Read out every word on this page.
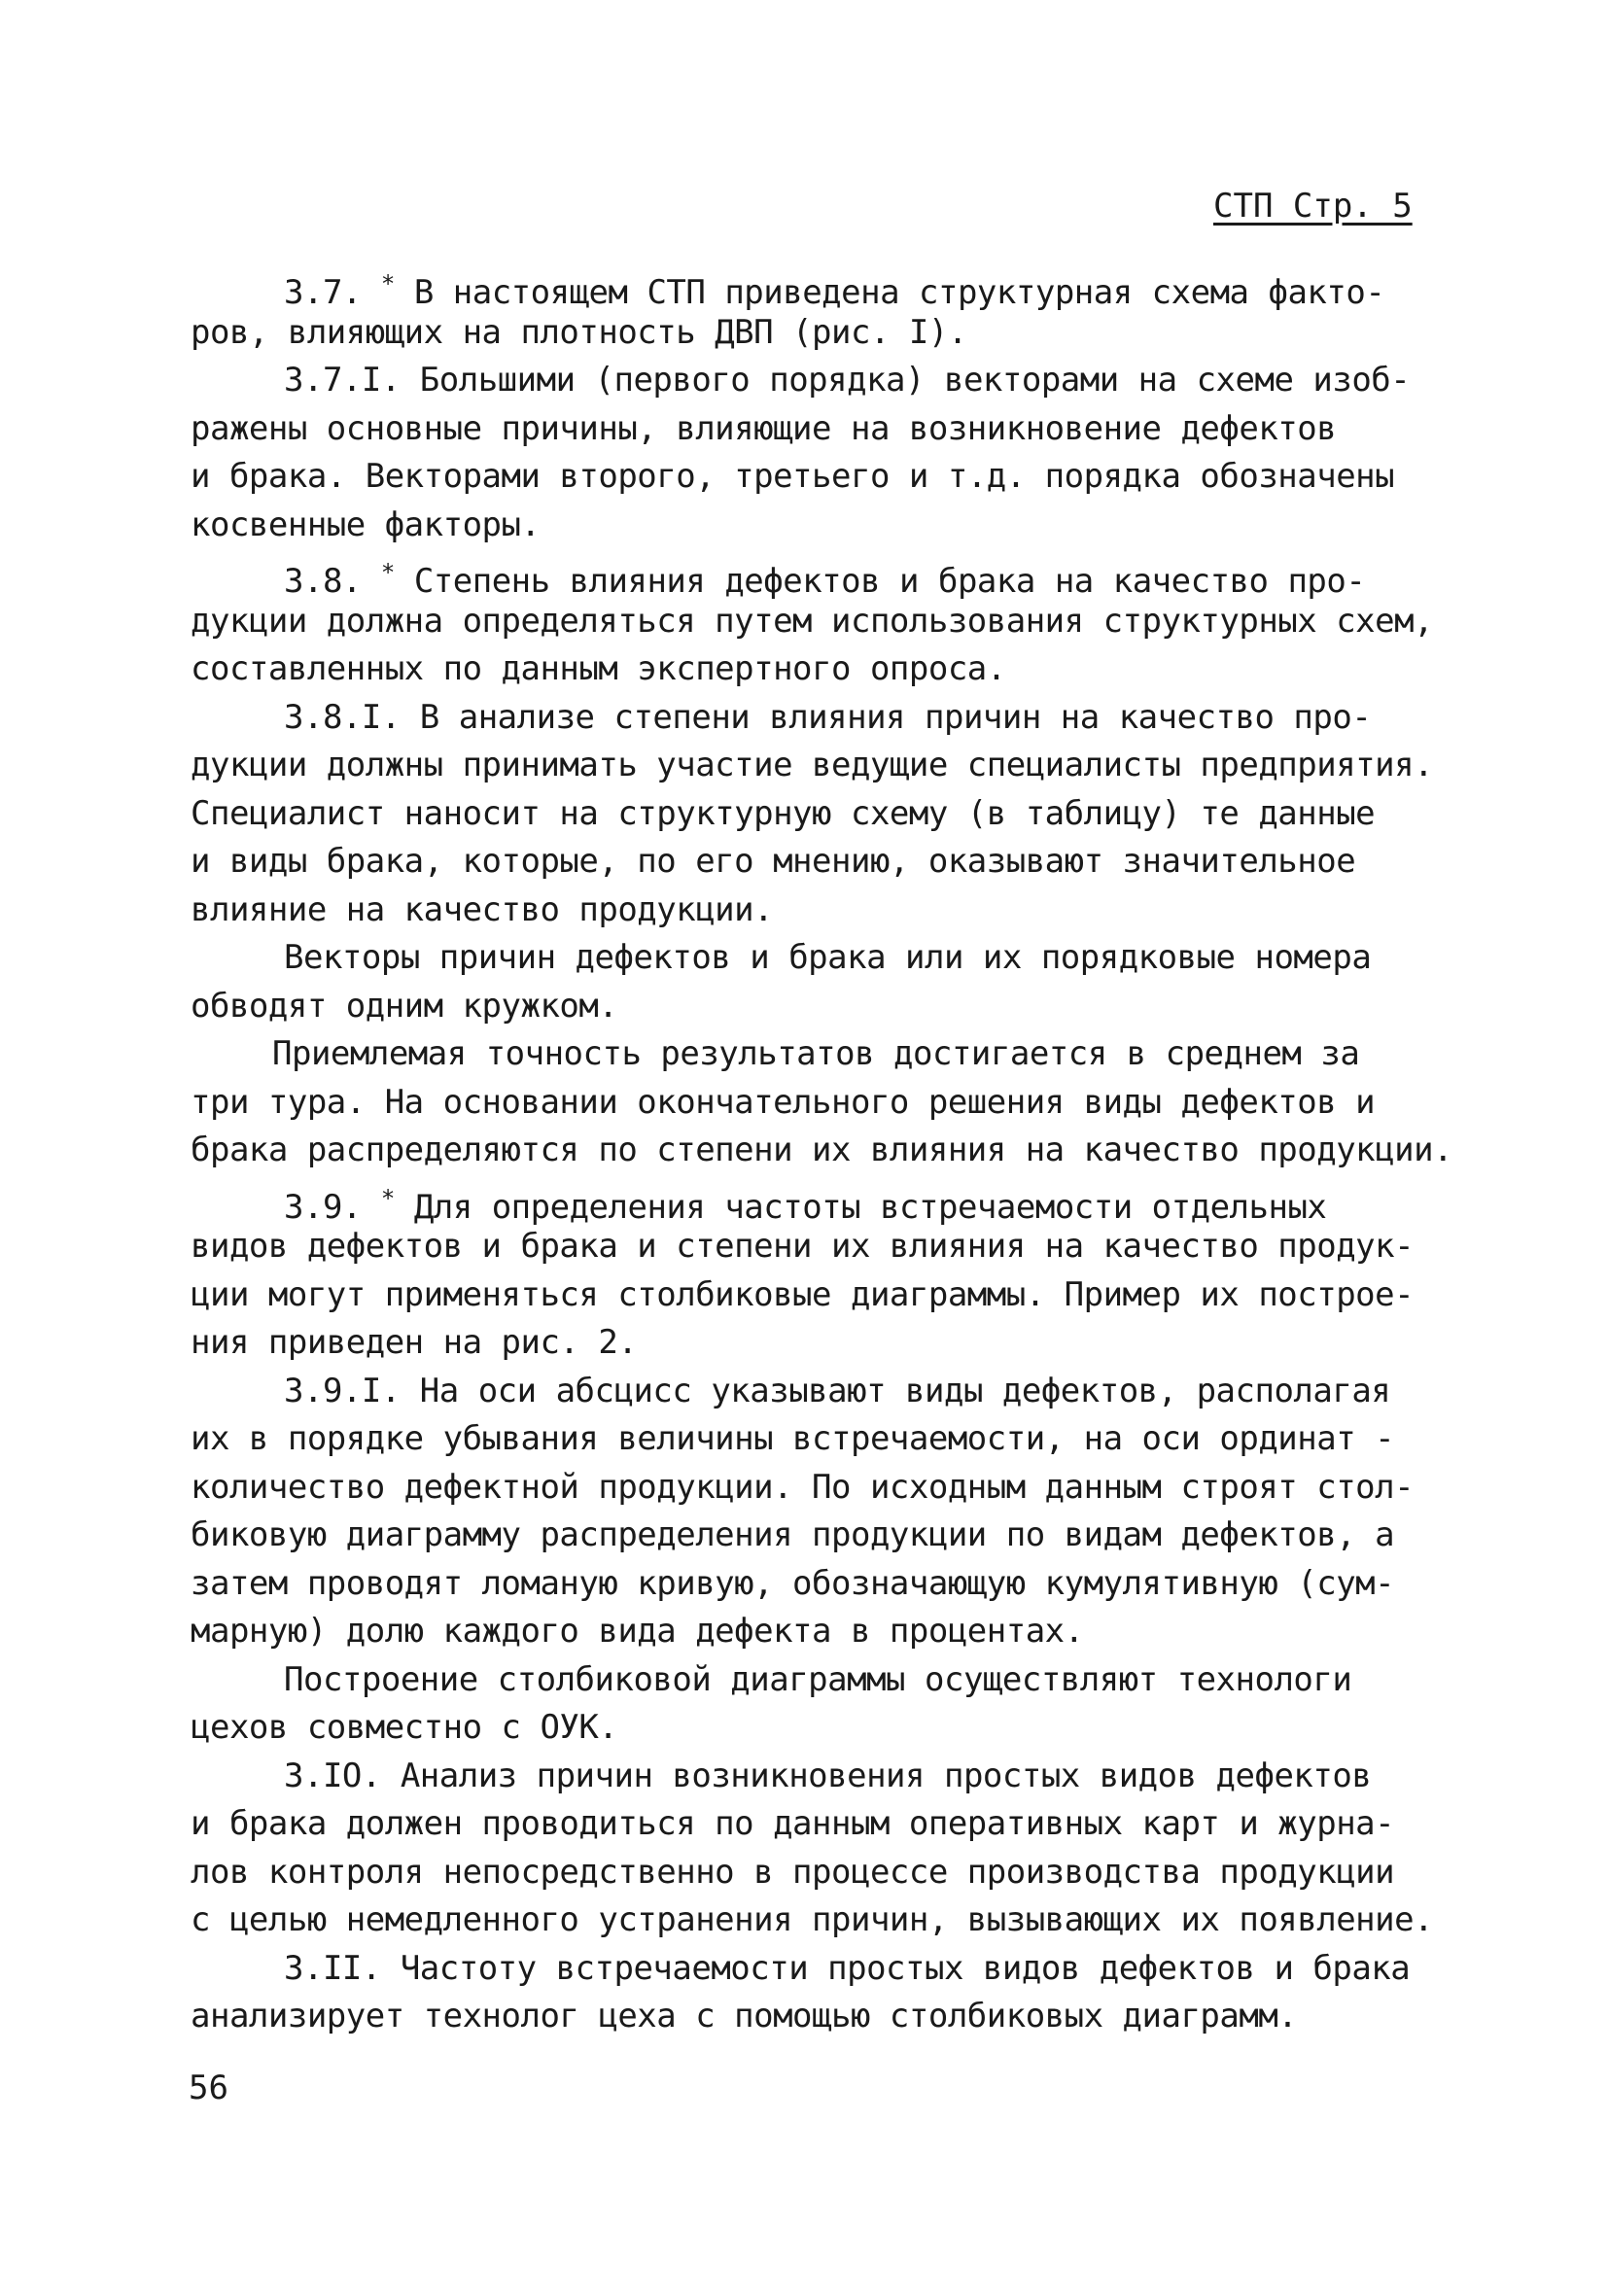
СТП Стр. 5
3.7. * В настоящем СТП приведена структурная схема факто-
ров, влияющих на плотность ДВП (рис. I).
3.7.I. Большими (первого порядка) векторами на схеме изоб-
ражены основные причины, влияющие на возникновение дефектов
и брака. Векторами второго, третьего и т.д. порядка обозначены
косвенные факторы.
3.8. * Степень влияния дефектов и брака на качество про-
дукции должна определяться путем использования структурных схем,
составленных по данным экспертного опроса.
3.8.I. В анализе степени влияния причин на качество про-
дукции должны принимать участие ведущие специалисты предприятия.
Специалист наносит на структурную схему (в таблицу) те данные
и виды брака, которые, по его мнению, оказывают значительное
влияние на качество продукции.
Векторы причин дефектов и брака или их порядковые номера
обводят одним кружком.
Приемлемая точность результатов достигается в среднем за
три тура. На основании окончательного решения виды дефектов и
брака распределяются по степени их влияния на качество продукции.
3.9. * Для определения частоты встречаемости отдельных
видов дефектов и брака и степени их влияния на качество продук-
ции могут применяться столбиковые диаграммы. Пример их построе-
ния приведен на рис. 2.
3.9.I. На оси абсцисс указывают виды дефектов, располагая
их в порядке убывания величины встречаемости, на оси ординат -
количество дефектной продукции. По исходным данным строят стол-
биковую диаграмму распределения продукции по видам дефектов, а
затем проводят ломаную кривую, обозначающую кумулятивную (сум-
марную) долю каждого вида дефекта в процентах.
Построение столбиковой диаграммы осуществляют технологи
цехов совместно с ОУК.
3.IO. Анализ причин возникновения простых видов дефектов
и брака должен проводиться по данным оперативных карт и журна-
лов контроля непосредственно в процессе производства продукции
с целью немедленного устранения причин, вызывающих их появление.
3.II. Частоту встречаемости простых видов дефектов и брака
анализирует технолог цеха с помощью столбиковых диаграмм.
56
